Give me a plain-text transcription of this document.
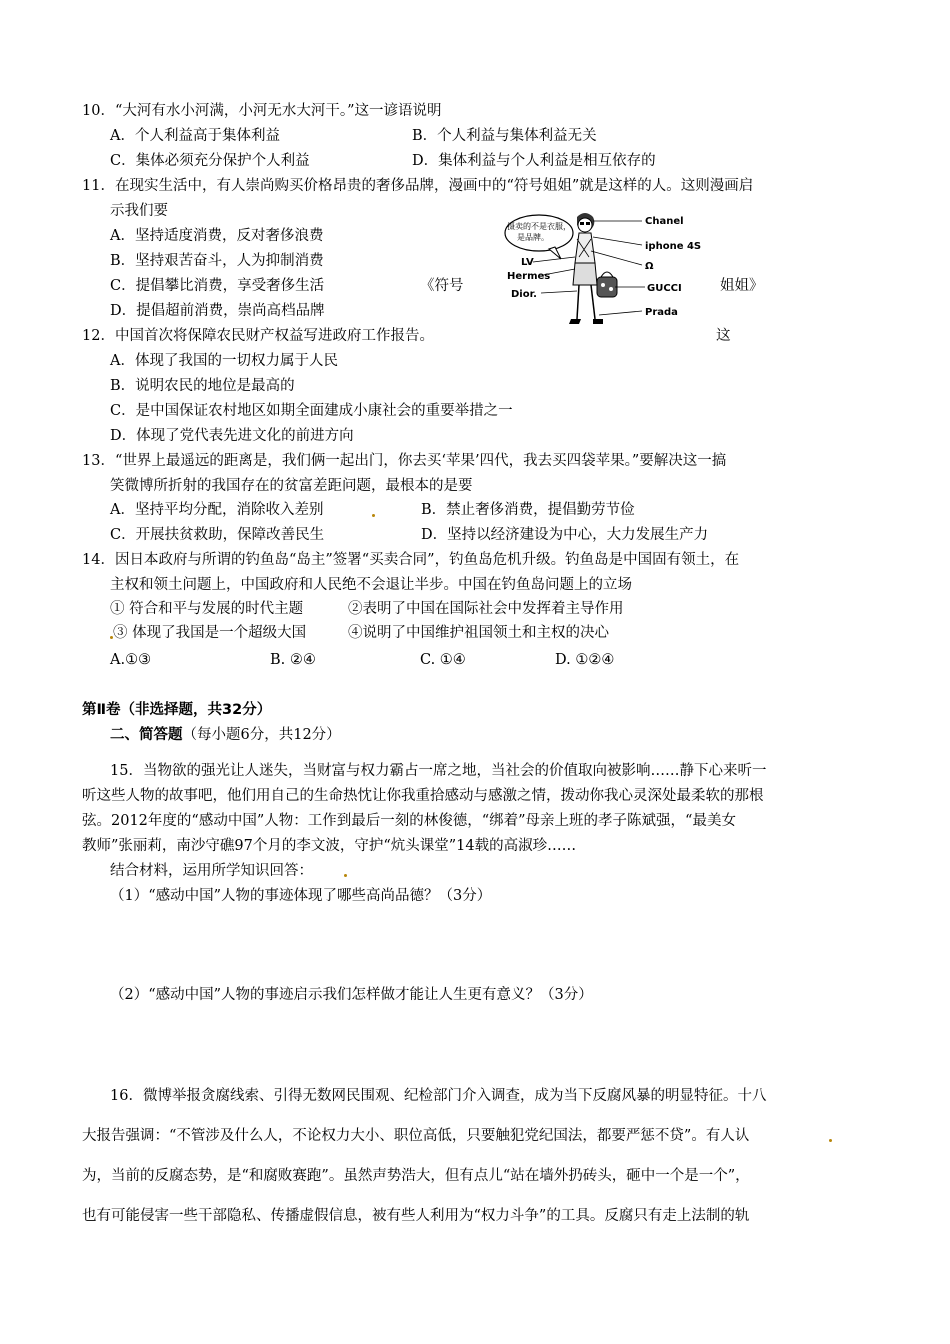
10．“大河有水小河满，小河无水大河干。”这一谚语说明
A．个人利益高于集体利益	B．个人利益与集体利益无关
C．集体必须充分保护个人利益	D．集体利益与个人利益是相互依存的
11．在现实生活中，有人崇尚购买价格昂贵的奢侈品牌，漫画中的“符号姐姐”就是这样的人。这则漫画启
示我们要
A．坚持适度消费，反对奢侈浪费
B．坚持艰苦奋斗，人为抑制消费
C．提倡攀比消费，享受奢侈生活	《符号	姐姐》
D．提倡超前消费，崇尚高档品牌
摄卖的不是衣服，
是品牌。
Chanel
iphone 4S
Ω
LV
Hermes
GUCCI
Dior.
Prada
12．中国首次将保障农民财产权益写进政府工作报告。	这
A．体现了我国的一切权力属于人民
B．说明农民的地位是最高的
C．是中国保证农村地区如期全面建成小康社会的重要举措之一
D．体现了党代表先进文化的前进方向
13．“世界上最遥远的距离是，我们俩一起出门，你去买‘苹果’四代，我去买四袋苹果。”要解决这一搞
笑微博所折射的我国存在的贫富差距问题，最根本的是要
A．坚持平均分配，消除收入差别	B．禁止奢侈消费，提倡勤劳节俭
C．开展扶贫救助，保障改善民生	D．坚持以经济建设为中心，大力发展生产力
14．因日本政府与所谓的钓鱼岛“岛主”签署“买卖合同”，钓鱼岛危机升级。钓鱼岛是中国固有领土，在
主权和领土问题上，中国政府和人民绝不会退让半步。中国在钓鱼岛问题上的立场
① 符合和平与发展的时代主题	②表明了中国在国际社会中发挥着主导作用
③ 体现了我国是一个超级大国	④说明了中国维护祖国领土和主权的决心
A.①③	B. ②④	C. ①④	D. ①②④
第Ⅱ卷（非选择题，共32分）
二、简答题（每小题6分，共12分）
15．当物欲的强光让人迷失，当财富与权力霸占一席之地，当社会的价值取向被影响……静下心来听一
听这些人物的故事吧，他们用自己的生命热忱让你我重拾感动与感激之情，拨动你我心灵深处最柔软的那根
弦。2012年度的“感动中国”人物：工作到最后一刻的林俊德，“绑着”母亲上班的孝子陈斌强，“最美女
教师”张丽莉，南沙守礁97个月的李文波，守护“炕头课堂”14载的高淑珍……
结合材料，运用所学知识回答：
（1）“感动中国”人物的事迹体现了哪些高尚品德？（3分）
（2）“感动中国”人物的事迹启示我们怎样做才能让人生更有意义？（3分）
16．微博举报贪腐线索、引得无数网民围观、纪检部门介入调查，成为当下反腐风暴的明显特征。十八
大报告强调：“不管涉及什么人，不论权力大小、职位高低，只要触犯党纪国法，都要严惩不贷”。有人认
为，当前的反腐态势，是“和腐败赛跑”。虽然声势浩大，但有点儿“站在墙外扔砖头，砸中一个是一个”，
也有可能侵害一些干部隐私、传播虚假信息，被有些人利用为“权力斗争”的工具。反腐只有走上法制的轨
